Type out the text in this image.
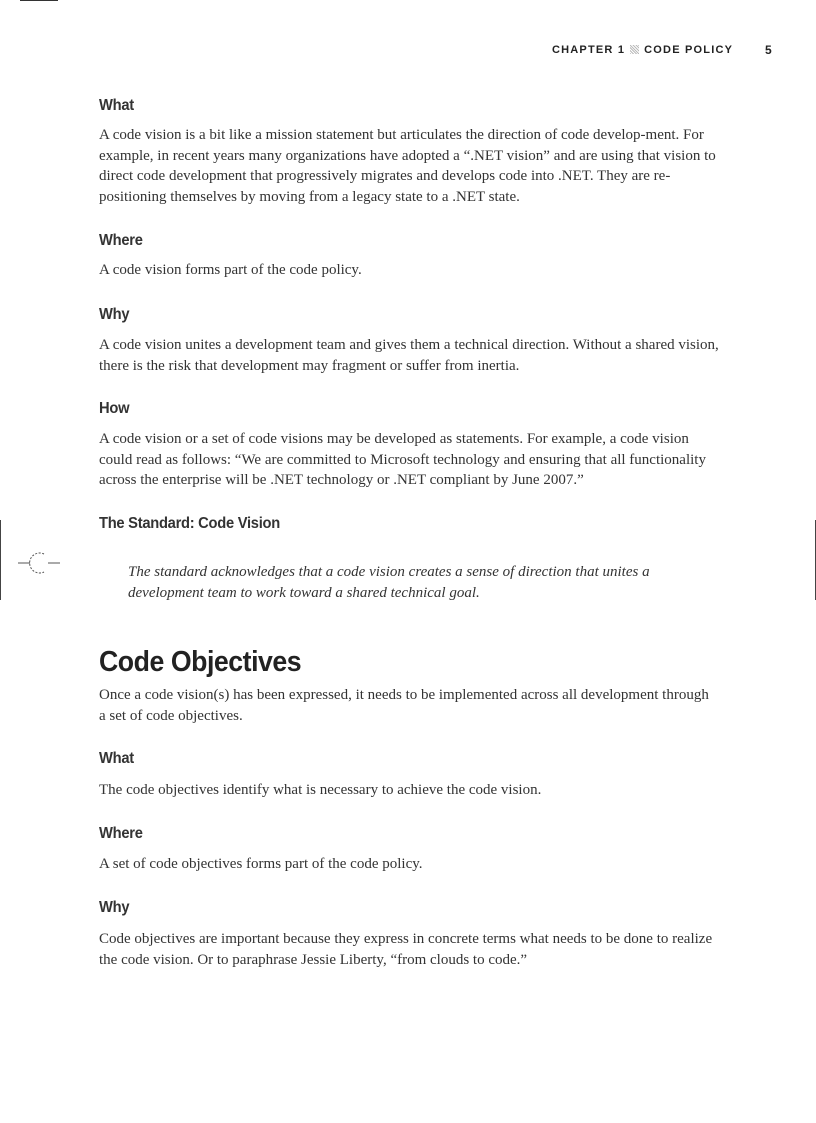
CHAPTER 1 CODE POLICY	5
What

A code vision is a bit like a mission statement but articulates the direction of code develop-ment. For example, in recent years many organizations have adopted a “.NET vision” and are using that vision to direct code development that progressively migrates and develops code into .NET. They are re-positioning themselves by moving from a legacy state to a .NET state.

Where

A code vision forms part of the code policy.

Why

A code vision unites a development team and gives them a technical direction. Without a shared vision, there is the risk that development may fragment or suffer from inertia.

How

A code vision or a set of code visions may be developed as statements. For example, a code vision could read as follows: “We are committed to Microsoft technology and ensuring that all functionality across the enterprise will be .NET technology or .NET compliant by June 2007.”

The Standard: Code Vision

The standard acknowledges that a code vision creates a sense of direction that unites a development team to work toward a shared technical goal.

Code Objectives

Once a code vision(s) has been expressed, it needs to be implemented across all development through a set of code objectives.

What

The code objectives identify what is necessary to achieve the code vision.

Where

A set of code objectives forms part of the code policy.

Why

Code objectives are important because they express in concrete terms what needs to be done to realize the code vision. Or to paraphrase Jessie Liberty, “from clouds to code.”
